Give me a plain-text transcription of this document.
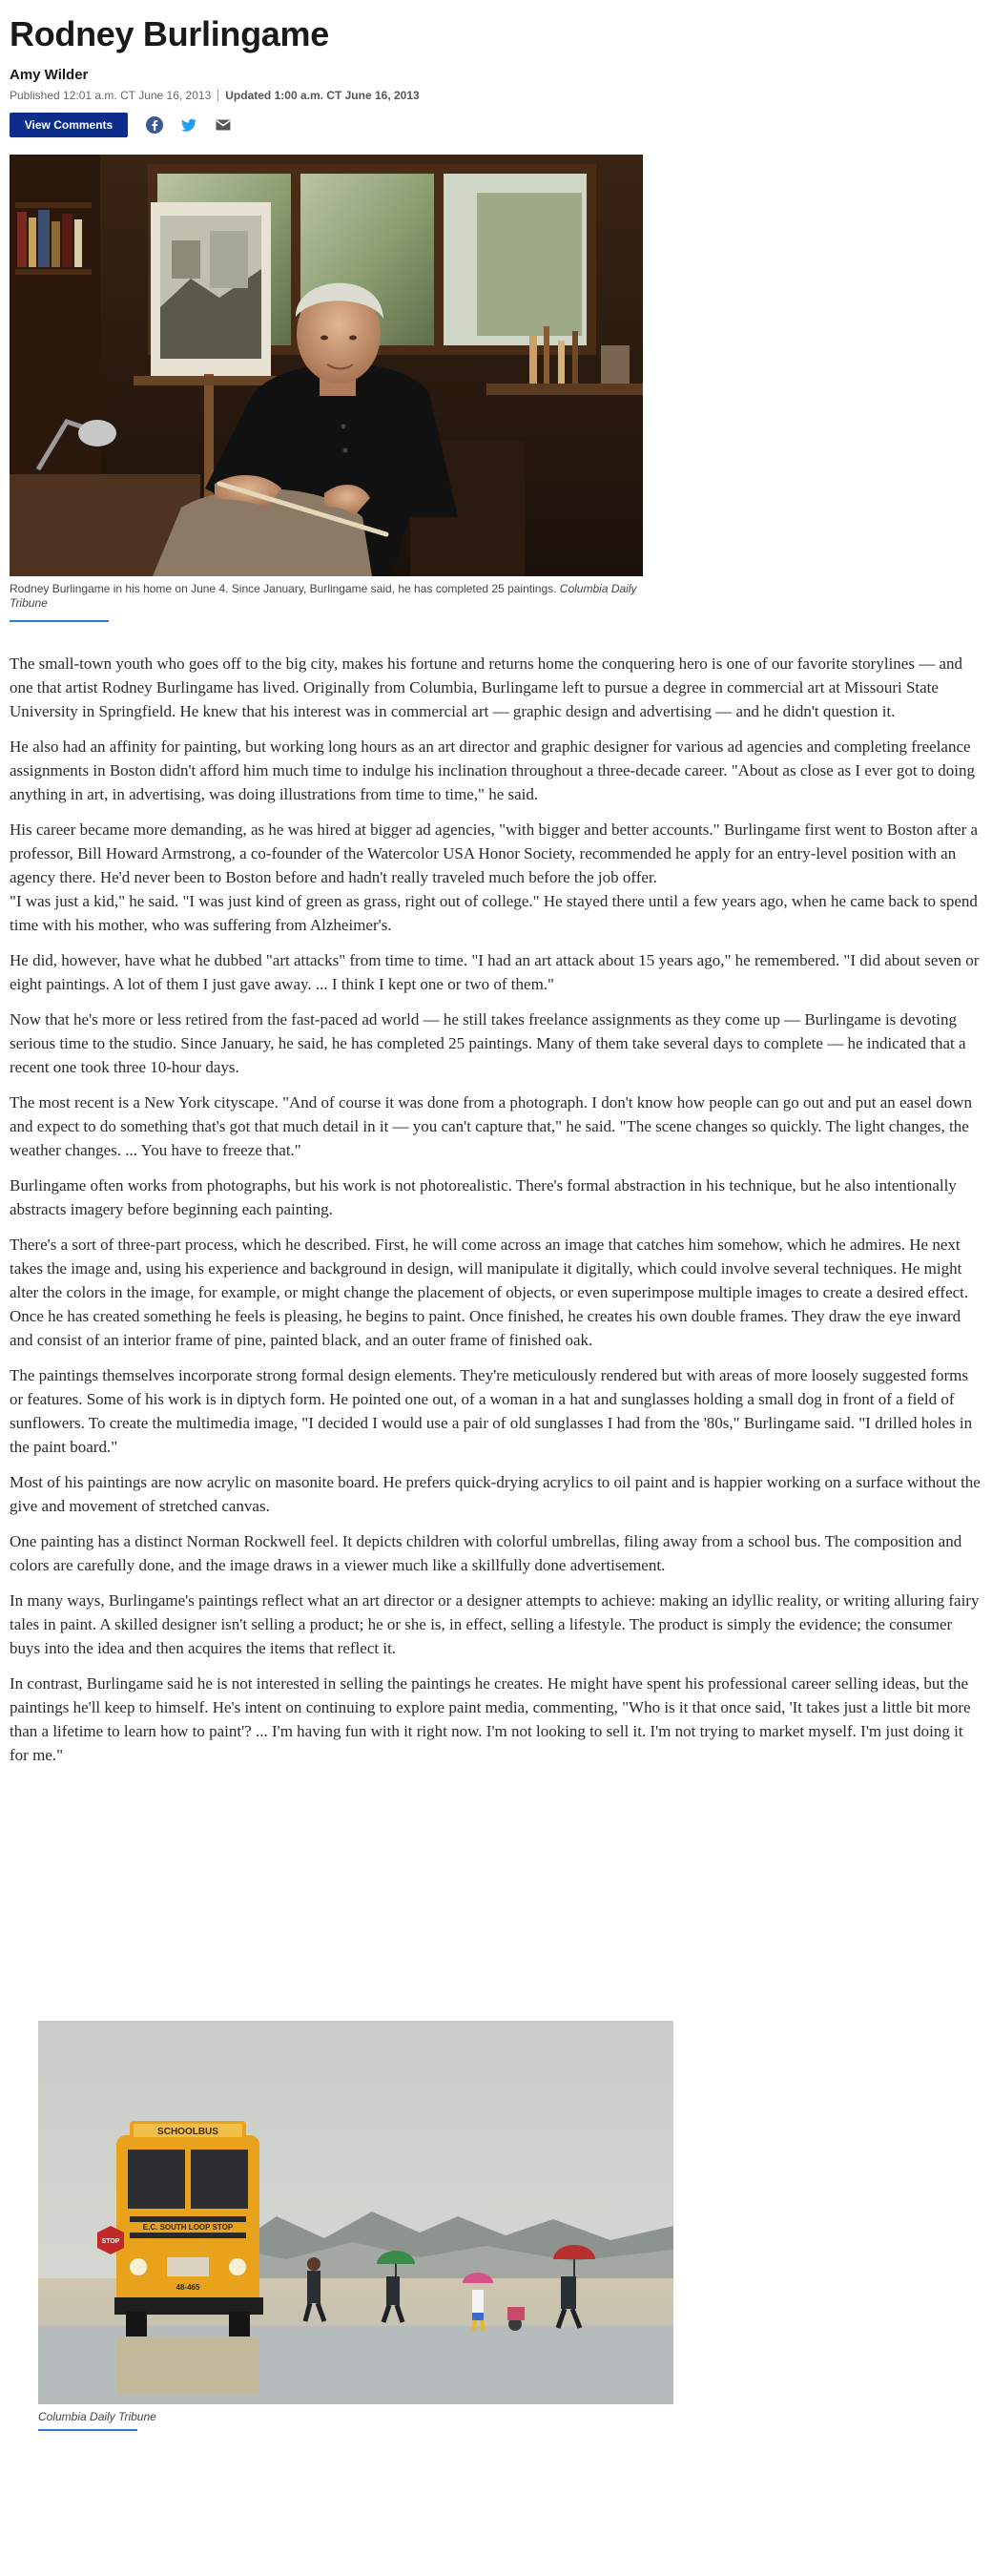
Rodney Burlingame
Amy Wilder
Published 12:01 a.m. CT June 16, 2013 Updated 1:00 a.m. CT June 16, 2013
View Comments
Rodney Burlingame in his home on June 4. Since January, Burlingame said, he has completed 25 paintings. Columbia Daily Tribune

The small-town youth who goes off to the big city, makes his fortune and returns home the conquering hero is one of our favorite storylines — and one that artist Rodney Burlingame has lived. Originally from Columbia, Burlingame left to pursue a degree in commercial art at Missouri State University in Springfield. He knew that his interest was in commercial art — graphic design and advertising — and he didn't question it.

He also had an affinity for painting, but working long hours as an art director and graphic designer for various ad agencies and completing freelance assignments in Boston didn't afford him much time to indulge his inclination throughout a three-decade career. "About as close as I ever got to doing anything in art, in advertising, was doing illustrations from time to time," he said.

His career became more demanding, as he was hired at bigger ad agencies, "with bigger and better accounts." Burlingame first went to Boston after a professor, Bill Howard Armstrong, a co-founder of the Watercolor USA Honor Society, recommended he apply for an entry-level position with an agency there. He'd never been to Boston before and hadn't really traveled much before the job offer.

"I was just a kid," he said. "I was just kind of green as grass, right out of college." He stayed there until a few years ago, when he came back to spend time with his mother, who was suffering from Alzheimer's.

He did, however, have what he dubbed "art attacks" from time to time. "I had an art attack about 15 years ago," he remembered. "I did about seven or eight paintings. A lot of them I just gave away. ... I think I kept one or two of them."

Now that he's more or less retired from the fast-paced ad world — he still takes freelance assignments as they come up — Burlingame is devoting serious time to the studio. Since January, he said, he has completed 25 paintings. Many of them take several days to complete — he indicated that a recent one took three 10-hour days.

The most recent is a New York cityscape. "And of course it was done from a photograph. I don't know how people can go out and put an easel down and expect to do something that's got that much detail in it — you can't capture that," he said. "The scene changes so quickly. The light changes, the weather changes. ... You have to freeze that."

Burlingame often works from photographs, but his work is not photorealistic. There's formal abstraction in his technique, but he also intentionally abstracts imagery before beginning each painting.

There's a sort of three-part process, which he described. First, he will come across an image that catches him somehow, which he admires. He next takes the image and, using his experience and background in design, will manipulate it digitally, which could involve several techniques. He might alter the colors in the image, for example, or might change the placement of objects, or even superimpose multiple images to create a desired effect. Once he has created something he feels is pleasing, he begins to paint. Once finished, he creates his own double frames. They draw the eye inward and consist of an interior frame of pine, painted black, and an outer frame of finished oak.

The paintings themselves incorporate strong formal design elements. They're meticulously rendered but with areas of more loosely suggested forms or features. Some of his work is in diptych form. He pointed one out, of a woman in a hat and sunglasses holding a small dog in front of a field of sunflowers. To create the multimedia image, "I decided I would use a pair of old sunglasses I had from the '80s," Burlingame said. "I drilled holes in the paint board."

Most of his paintings are now acrylic on masonite board. He prefers quick-drying acrylics to oil paint and is happier working on a surface without the give and movement of stretched canvas.

One painting has a distinct Norman Rockwell feel. It depicts children with colorful umbrellas, filing away from a school bus. The composition and colors are carefully done, and the image draws in a viewer much like a skillfully done advertisement.

In many ways, Burlingame's paintings reflect what an art director or a designer attempts to achieve: making an idyllic reality, or writing alluring fairy tales in paint. A skilled designer isn't selling a product; he or she is, in effect, selling a lifestyle. The product is simply the evidence; the consumer buys into the idea and then acquires the items that reflect it.

In contrast, Burlingame said he is not interested in selling the paintings he creates. He might have spent his professional career selling ideas, but the paintings he'll keep to himself. He's intent on continuing to explore paint media, commenting, "Who is it that once said, 'It takes just a little bit more than a lifetime to learn how to paint'? ... I'm having fun with it right now. I'm not looking to sell it. I'm not trying to market myself. I'm just doing it for me."

SCHOOLBUS
E.C. SOUTH LOOP STOP
48-465
STOP
Columbia Daily Tribune
